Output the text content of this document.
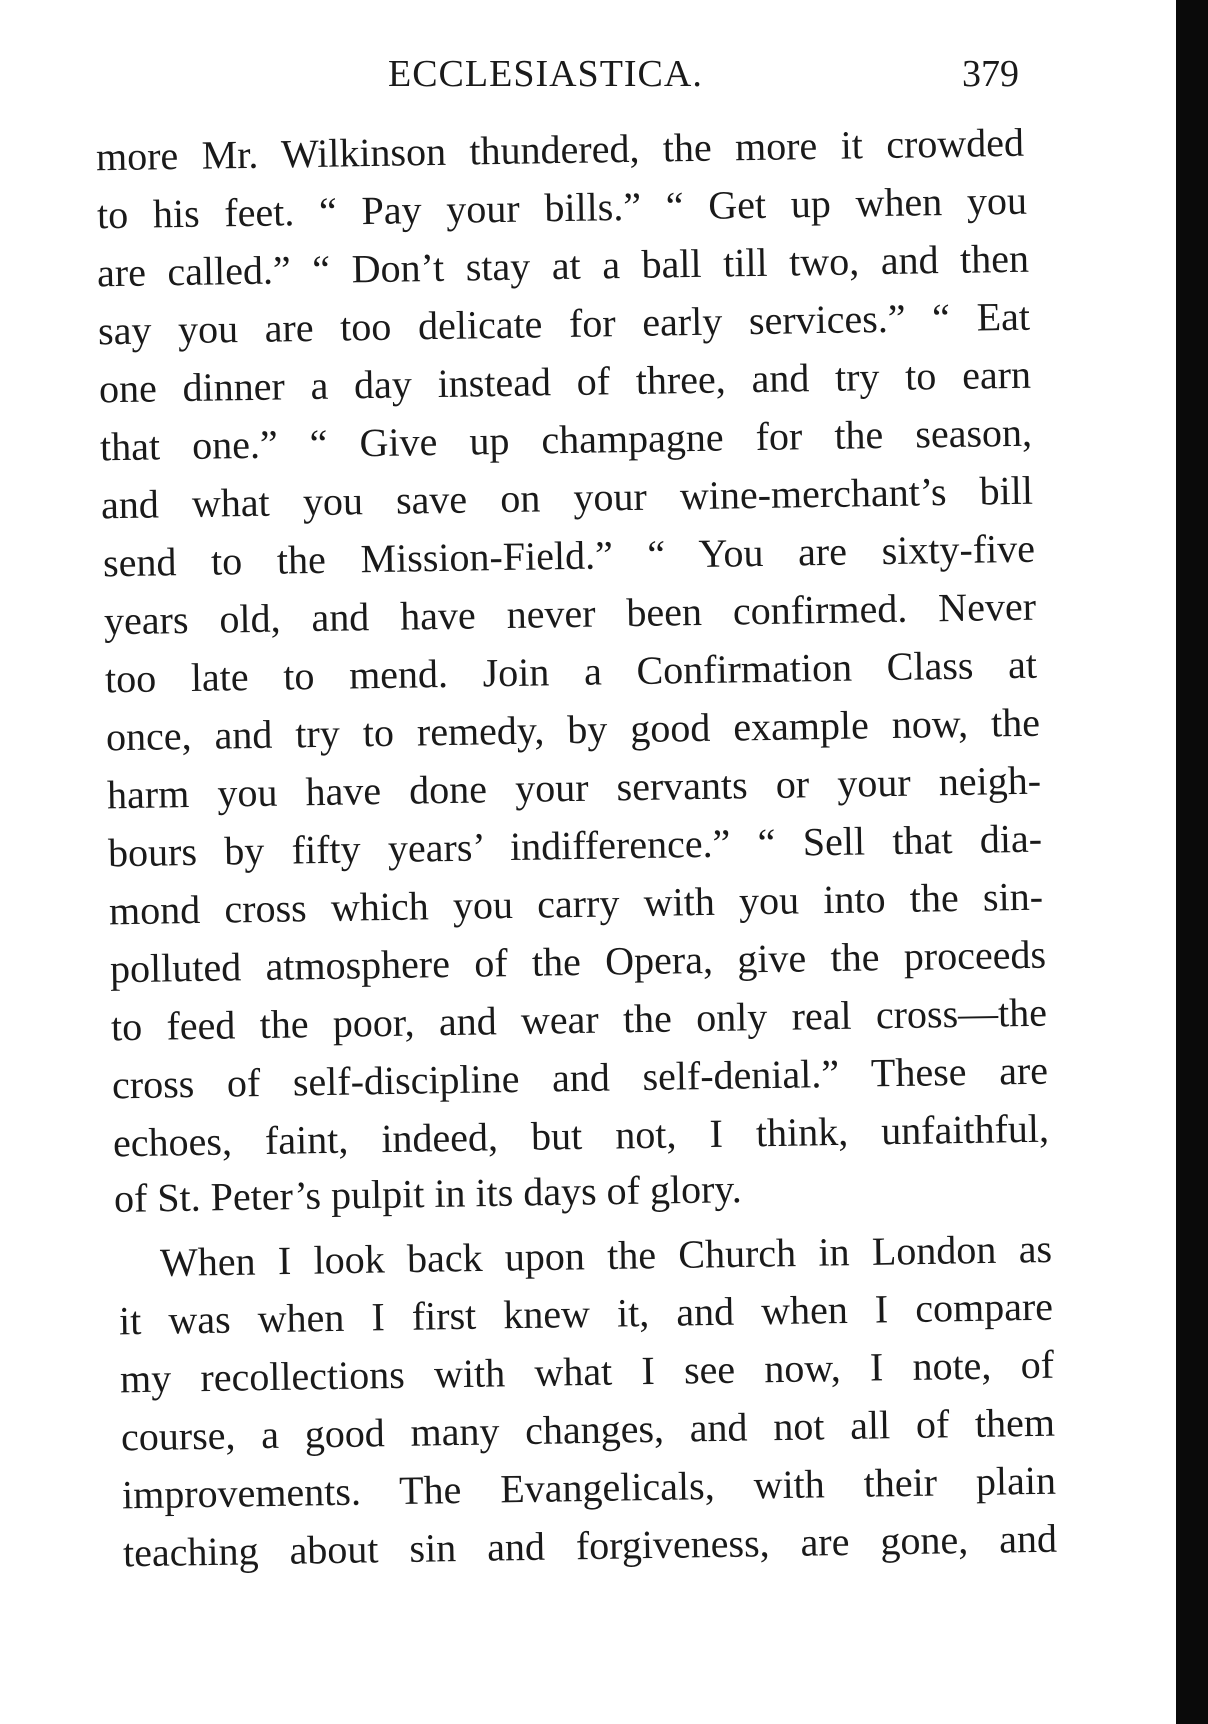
ECCLESIASTICA.	379
more Mr. Wilkinson thundered, the more it crowded
to his feet. “ Pay your bills.” “ Get up when you
are called.” “ Don’t stay at a ball till two, and then
say you are too delicate for early services.” “ Eat
one dinner a day instead of three, and try to earn
that one.” “ Give up champagne for the season,
and what you save on your wine-merchant’s bill
send to the Mission-Field.” “ You are sixty-five
years old, and have never been confirmed. Never
too late to mend. Join a Confirmation Class at
once, and try to remedy, by good example now, the
harm you have done your servants or your neigh-
bours by fifty years’ indifference.” “ Sell that dia-
mond cross which you carry with you into the sin-
polluted atmosphere of the Opera, give the proceeds
to feed the poor, and wear the only real cross—the
cross of self-discipline and self-denial.” These are
echoes, faint, indeed, but not, I think, unfaithful,
of St. Peter’s pulpit in its days of glory.
When I look back upon the Church in London as
it was when I first knew it, and when I compare
my recollections with what I see now, I note, of
course, a good many changes, and not all of them
improvements. The Evangelicals, with their plain
teaching about sin and forgiveness, are gone, and
